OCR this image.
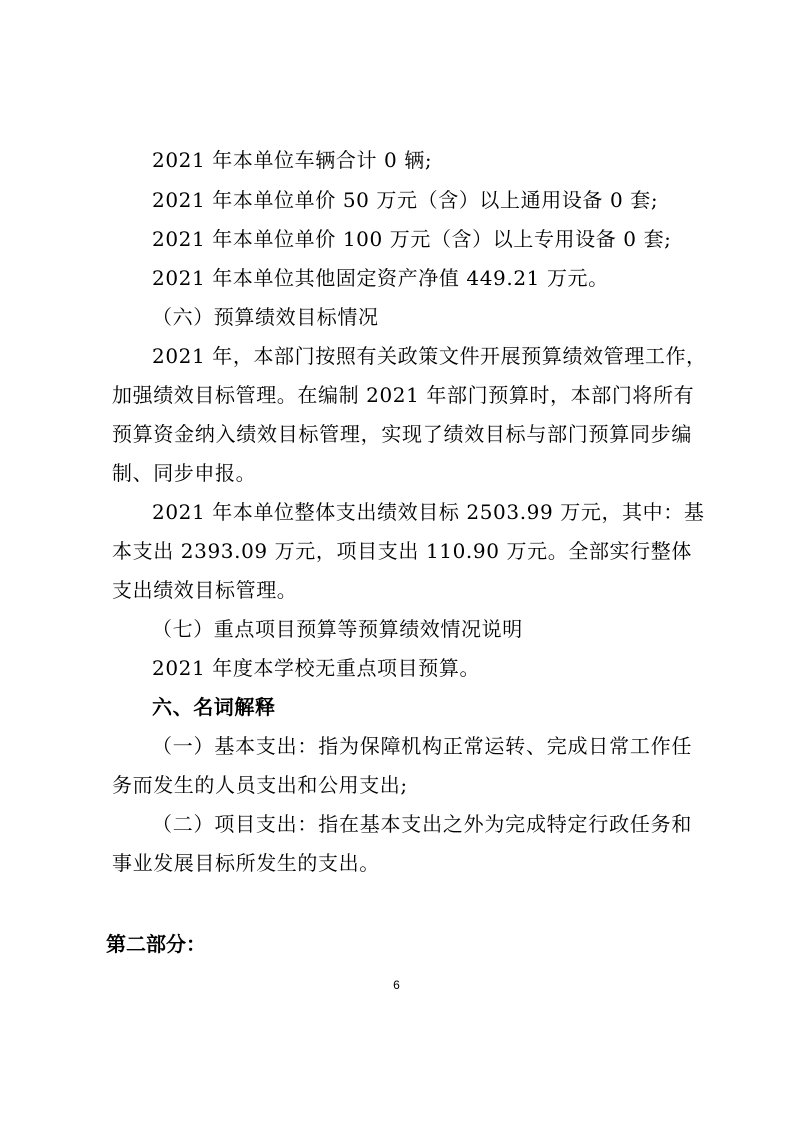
2021 年本单位车辆合计 0 辆;
2021 年本单位单价 50 万元（含）以上通用设备 0 套;
2021 年本单位单价 100 万元（含）以上专用设备 0 套;
2021 年本单位其他固定资产净值 449.21 万元。
（六）预算绩效目标情况
2021 年，本部门按照有关政策文件开展预算绩效管理工作，
加强绩效目标管理。在编制 2021 年部门预算时，本部门将所有
预算资金纳入绩效目标管理，实现了绩效目标与部门预算同步编
制、同步申报。
2021 年本单位整体支出绩效目标 2503.99 万元，其中：基
本支出 2393.09 万元，项目支出 110.90 万元。全部实行整体
支出绩效目标管理。
（七）重点项目预算等预算绩效情况说明
2021 年度本学校无重点项目预算。
六、名词解释
（一）基本支出：指为保障机构正常运转、完成日常工作任
务而发生的人员支出和公用支出;
（二）项目支出：指在基本支出之外为完成特定行政任务和
事业发展目标所发生的支出。
第二部分：
6
